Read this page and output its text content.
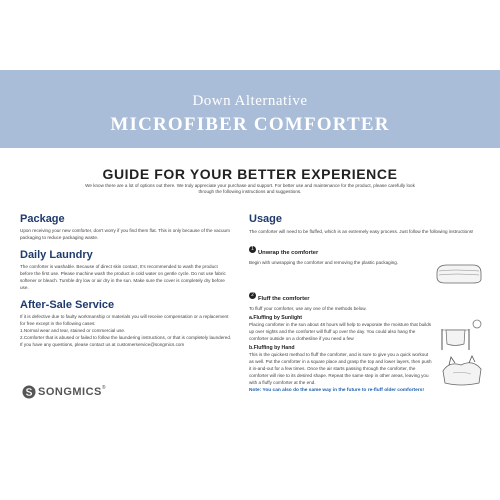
Down Alternative
MICROFIBER COMFORTER
GUIDE FOR YOUR BETTER EXPERIENCE
We know there are a lot of options out there. We truly appreciate your purchase and support. For better use and maintenance for the product, please carefully look through the following instructions and suggestions.
Package
Upon receiving your new comforter, don't worry if you find them flat. This is only because of the vacuum packaging to reduce packaging waste.
Daily Laundry
The comforter is washable. Because of direct skin contact, It's recommended to wash the product before the first use. Please machine wash the product in cold water on gentle cycle. Do not use fabric softener or bleach. Tumble dry low or air dry in the sun. Make sure the cover is completely dry before use.
After-Sale Service
If it is defective due to faulty workmanship or materials you will receive compensation or a replacement for free except in the following cases:
1.Normal wear and tear, stained or commercial use.
2.Comforter that is abused or failed to follow the laundering instructions, or that is completely laundered.
If you have any questions, please contact us at customerservice@songmics.com
SONGMICS ®
Usage
The comforter will need to be fluffed, which is an extremely easy process. Just follow the following instructions!
1Unwrap the comforter
Begin with unwrapping the comforter and removing the plastic packaging.
2Fluff the comforter
To fluff your comforter, use any one of the methods below.
a.Fluffing by Sunlight
Placing comforter in the sun about 48 hours will help to evaporate the moisture that builds up over nights and the comforter will fluff up over the day. You could also hang the comforter outside on a clothesline if you need a few
b.Fluffing by Hand
This is the quickest method to fluff the comforter, and is sure to give you a quick workout as well. Put the comforter in a square place and grasp the top and lower layers, then push it in-and-out for a few times. Once the air starts passing through the comforter, the comforter will rise to its desired shape. Repeat the same step in other areas, leaving you with a fluffy comforter at the end.
Note: You can also do the same way in the future to re-fluff older comforters!
